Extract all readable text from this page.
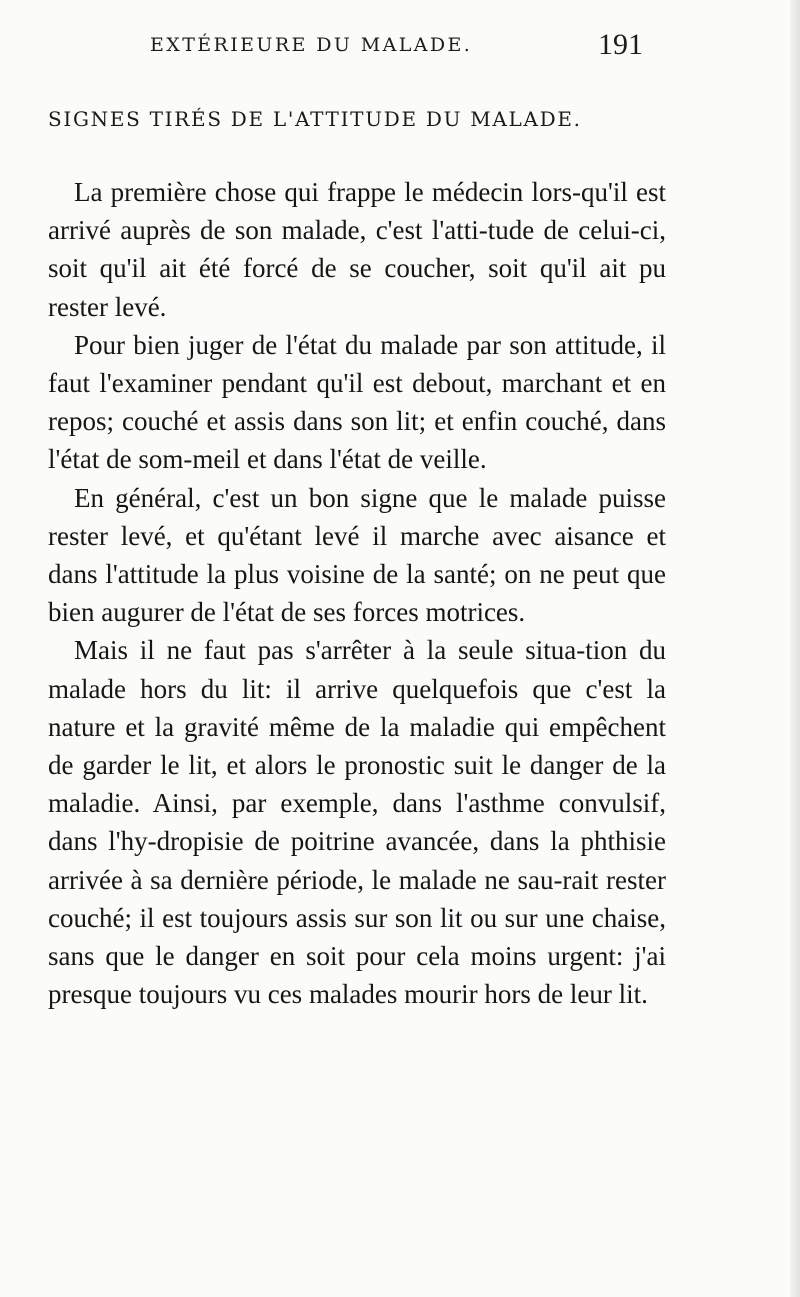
EXTÉRIEURE DU MALADE.	191
SIGNES TIRÉS DE L'ATTITUDE DU MALADE.

La première chose qui frappe le médecin lors-qu'il est arrivé auprès de son malade, c'est l'atti-tude de celui-ci, soit qu'il ait été forcé de se coucher, soit qu'il ait pu rester levé.

Pour bien juger de l'état du malade par son attitude, il faut l'examiner pendant qu'il est debout, marchant et en repos; couché et assis dans son lit; et enfin couché, dans l'état de som-meil et dans l'état de veille.

En général, c'est un bon signe que le malade puisse rester levé, et qu'étant levé il marche avec aisance et dans l'attitude la plus voisine de la santé; on ne peut que bien augurer de l'état de ses forces motrices.

Mais il ne faut pas s'arrêter à la seule situa-tion du malade hors du lit: il arrive quelquefois que c'est la nature et la gravité même de la maladie qui empêchent de garder le lit, et alors le pronostic suit le danger de la maladie. Ainsi, par exemple, dans l'asthme convulsif, dans l'hy-dropisie de poitrine avancée, dans la phthisie arrivée à sa dernière période, le malade ne sau-rait rester couché; il est toujours assis sur son lit ou sur une chaise, sans que le danger en soit pour cela moins urgent: j'ai presque toujours vu ces malades mourir hors de leur lit.
